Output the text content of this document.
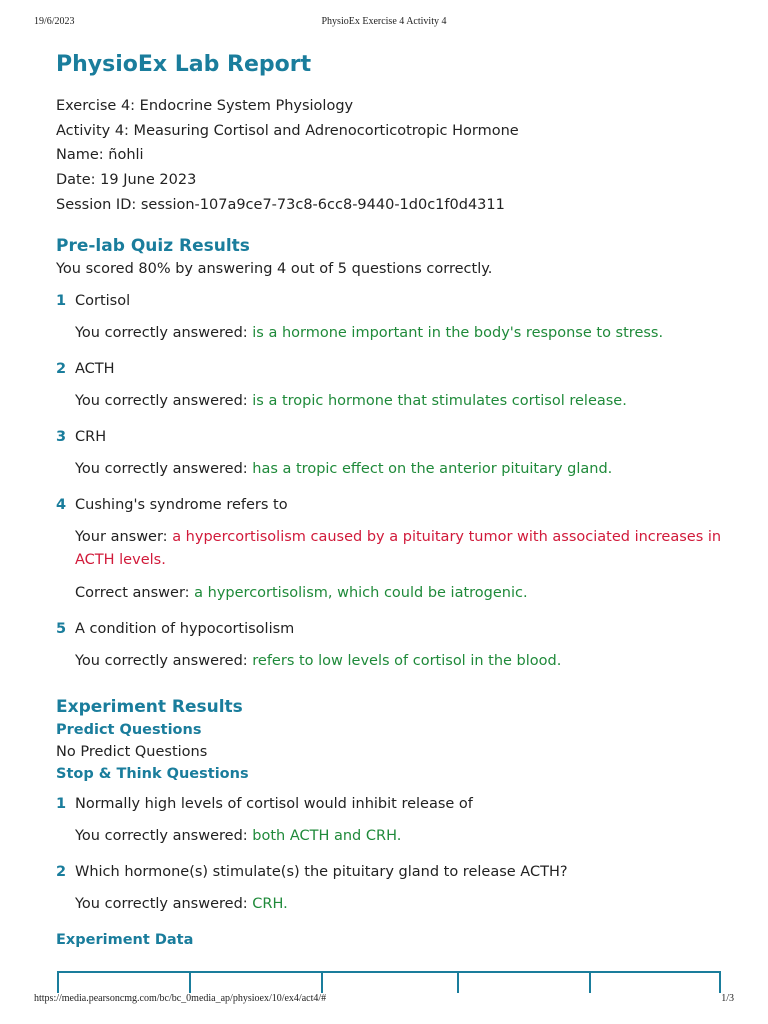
19/6/2023	PhysioEx Exercise 4 Activity 4
PhysioEx Lab Report
Exercise 4: Endocrine System Physiology
Activity 4: Measuring Cortisol and Adrenocorticotropic Hormone
Name: ñohli
Date: 19 June 2023
Session ID: session-107a9ce7-73c8-6cc8-9440-1d0c1f0d4311
Pre-lab Quiz Results

You scored 80% by answering 4 out of 5 questions correctly.

1 Cortisol
You correctly answered: is a hormone important in the body's response to stress.
2 ACTH
You correctly answered: is a tropic hormone that stimulates cortisol release.
3 CRH
You correctly answered: has a tropic effect on the anterior pituitary gland.
4 Cushing's syndrome refers to
Your answer: a hypercortisolism caused by a pituitary tumor with associated increases in ACTH levels.
Correct answer: a hypercortisolism, which could be iatrogenic.
5 A condition of hypocortisolism
You correctly answered: refers to low levels of cortisol in the blood.
Experiment Results
Predict Questions

No Predict Questions

Stop & Think Questions
1 Normally high levels of cortisol would inhibit release of
You correctly answered: both ACTH and CRH.
2 Which hormone(s) stimulate(s) the pituitary gland to release ACTH?
You correctly answered: CRH.
Experiment Data
https://media.pearsoncmg.com/bc/bc_0media_ap/physioex/10/ex4/act4/#	1/3
